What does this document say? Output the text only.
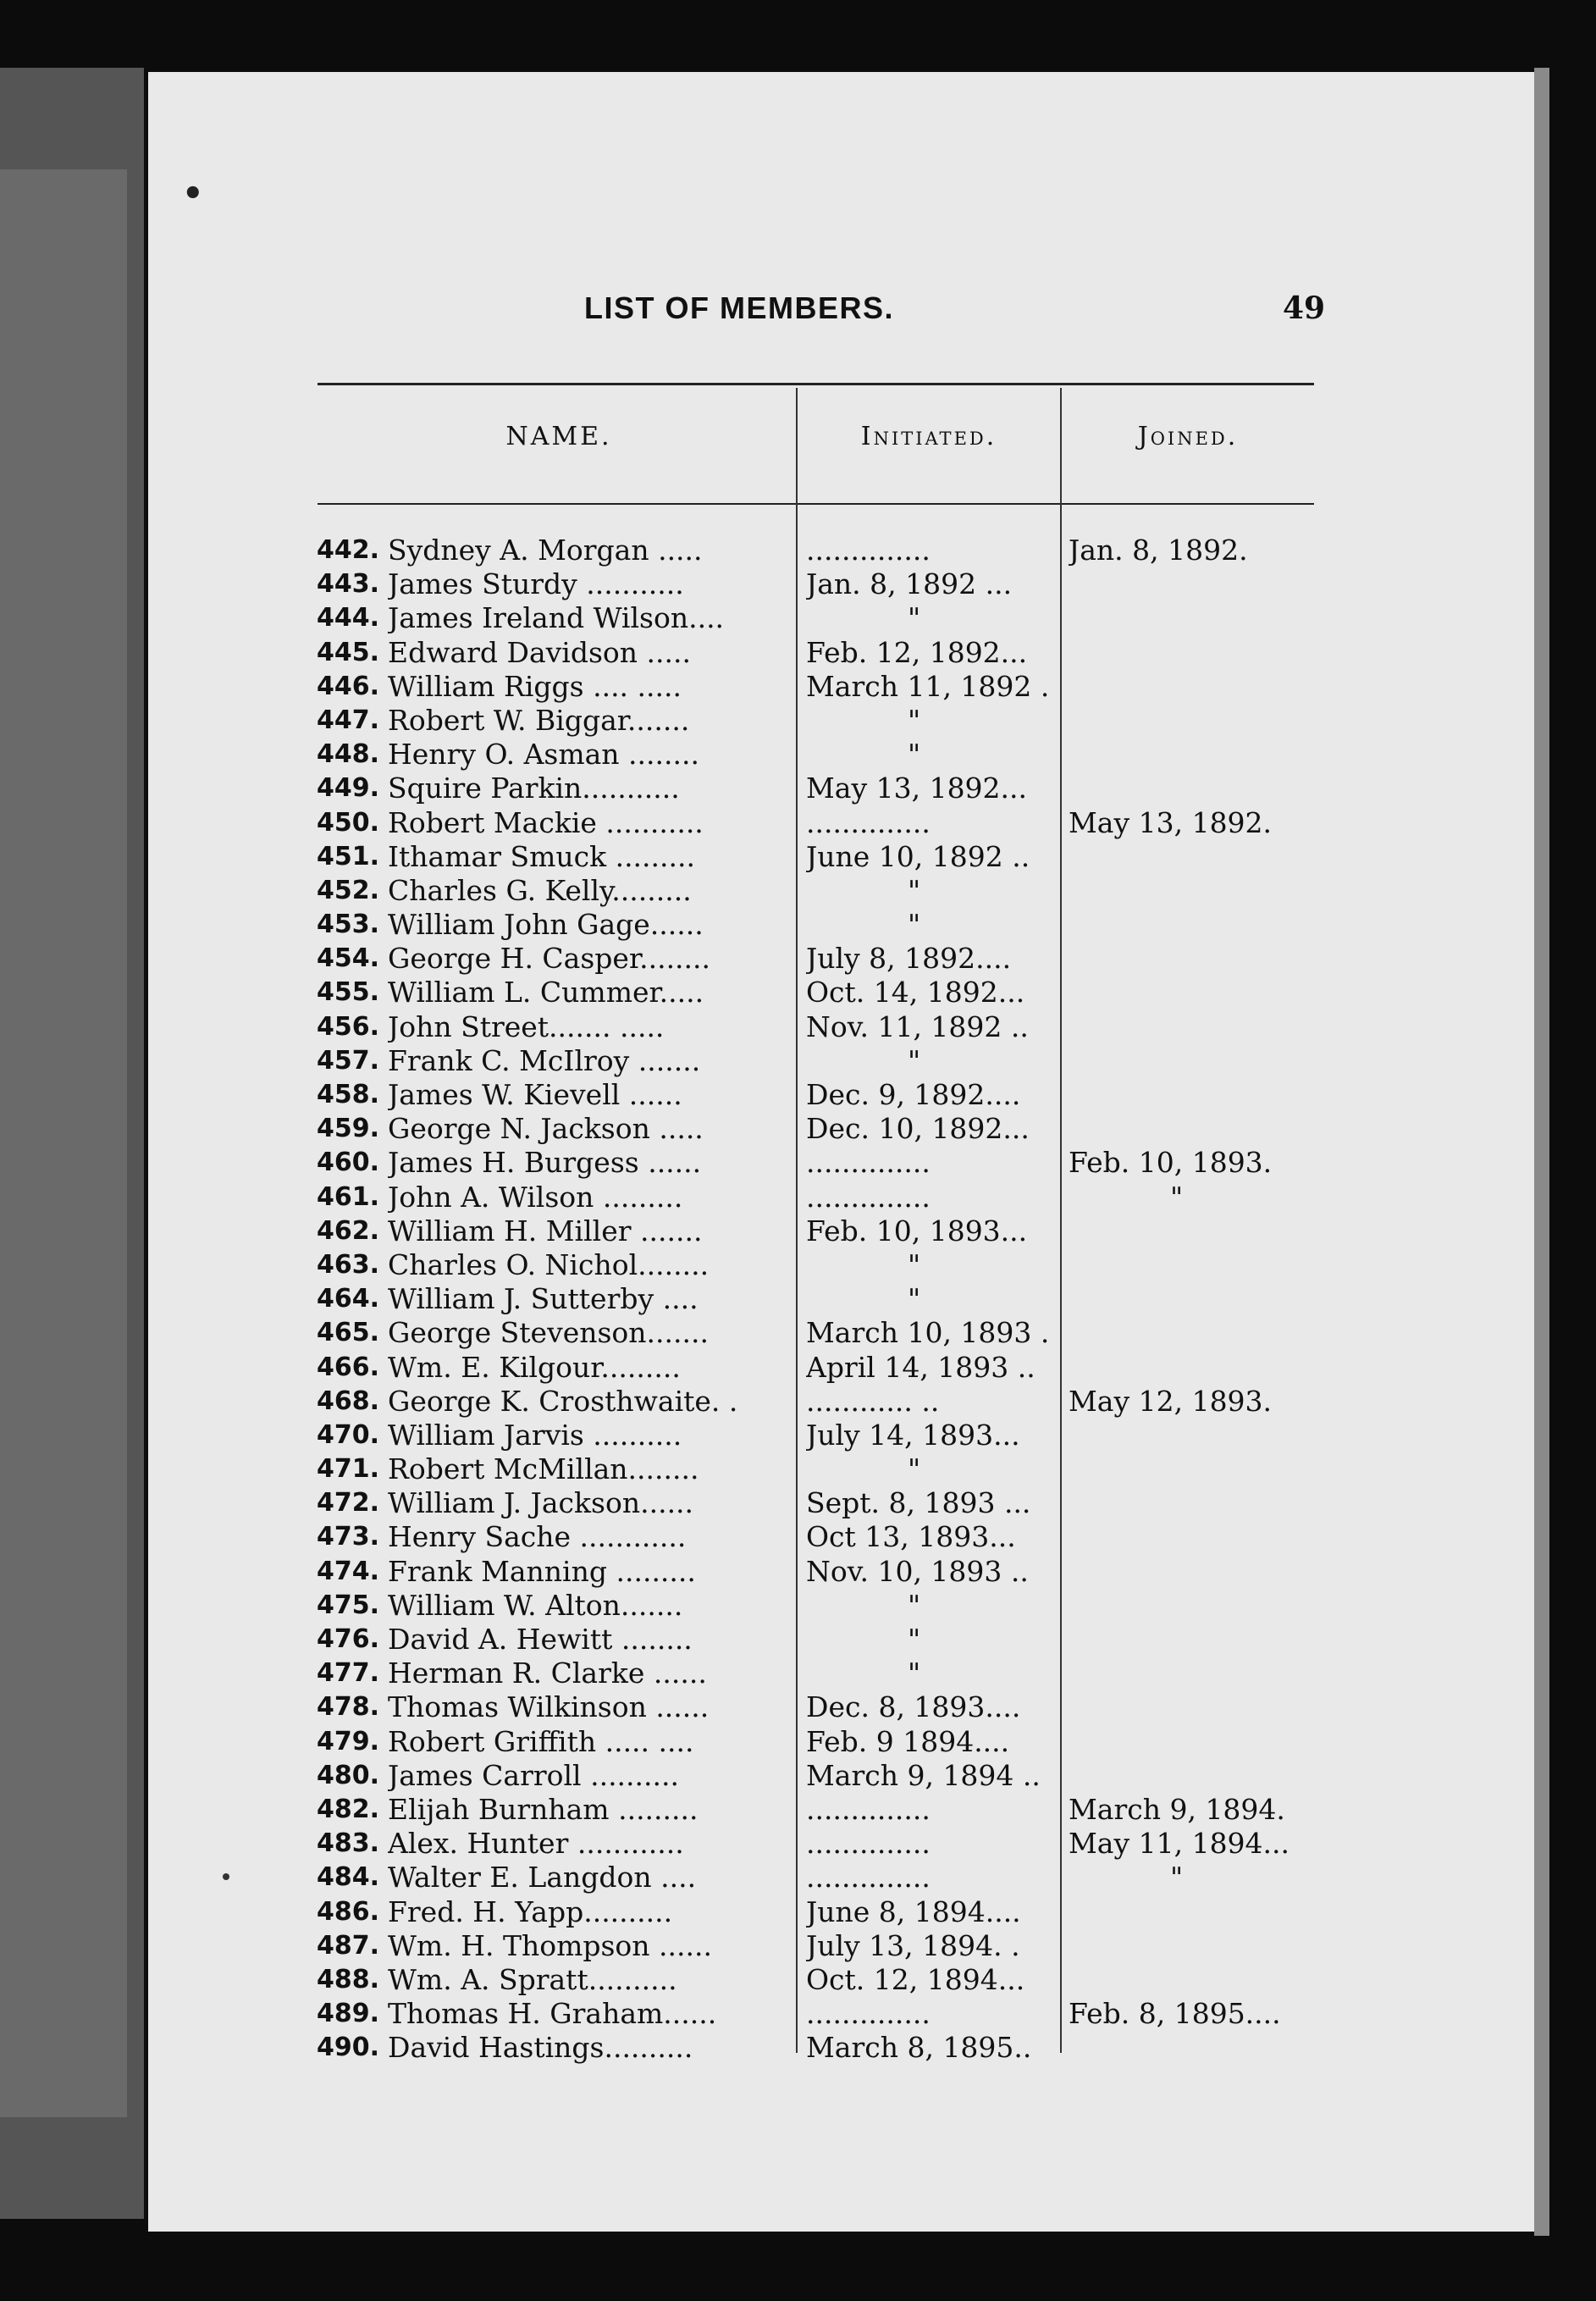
•
LIST OF MEMBERS.	49
NAME.	Initiated.	Joined.
442. Sydney A. Morgan .....	..............	Jan. 8, 1892.
443. James Sturdy ...........	Jan. 8, 1892 ...
444. James Ireland Wilson....	"
445. Edward Davidson .....	Feb. 12, 1892...
446. William Riggs .... .....	March 11, 1892 .
447. Robert W. Biggar.......	"
448. Henry O. Asman ........	"
449. Squire Parkin...........	May 13, 1892...
450. Robert Mackie ...........	..............	May 13, 1892.
451. Ithamar Smuck .........	June 10, 1892 ..
452. Charles G. Kelly.........	"
453. William John Gage......	"
454. George H. Casper........	July 8, 1892....
455. William L. Cummer.....	Oct. 14, 1892...
456. John Street....... .....	Nov. 11, 1892 ..
457. Frank C. McIlroy .......	"
458. James W. Kievell ......	Dec. 9, 1892....
459. George N. Jackson .....	Dec. 10, 1892...
460. James H. Burgess ......	..............	Feb. 10, 1893.
461. John A. Wilson .........	..............	"
462. William H. Miller .......	Feb. 10, 1893...
463. Charles O. Nichol........	"
464. William J. Sutterby ....	"
465. George Stevenson.......	March 10, 1893 .
466. Wm. E. Kilgour.........	April 14, 1893 ..
468. George K. Crosthwaite. .	............ ..	May 12, 1893.
470. William Jarvis ..........	July 14, 1893...
471. Robert McMillan........	"
472. William J. Jackson......	Sept. 8, 1893 ...
473. Henry Sache ............	Oct 13, 1893...
474. Frank Manning .........	Nov. 10, 1893 ..
475. William W. Alton.......	"
476. David A. Hewitt ........	"
477. Herman R. Clarke ......	"
478. Thomas Wilkinson ......	Dec. 8, 1893....
479. Robert Griffith ..... ....	Feb. 9 1894....
480. James Carroll ..........	March 9, 1894 ..
482. Elijah Burnham .........	..............	March 9, 1894.
483. Alex. Hunter ............	..............	May 11, 1894...
484. Walter E. Langdon ....	..............	"
486. Fred. H. Yapp..........	June 8, 1894....
487. Wm. H. Thompson ......	July 13, 1894. .
488. Wm. A. Spratt..........	Oct. 12, 1894...
489. Thomas H. Graham......	..............	Feb. 8, 1895....
490. David Hastings..........	March 8, 1895..
